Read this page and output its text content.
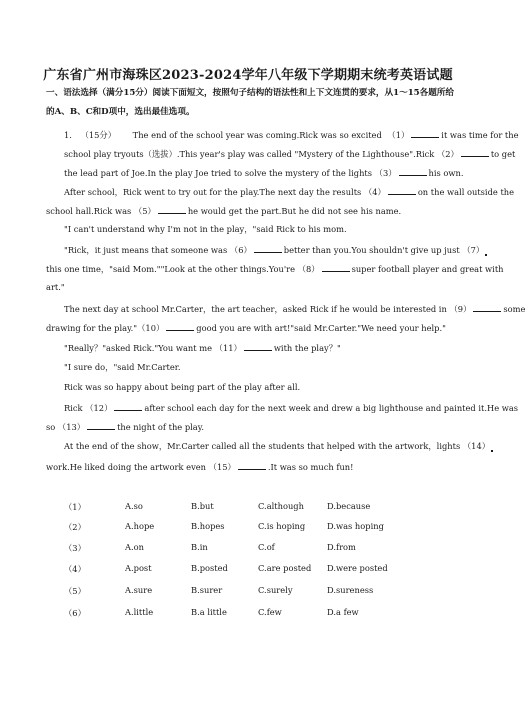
广东省广州市海珠区2023-2024学年八年级下学期期末统考英语试题
一、语法选择（满分15分）阅读下面短文，按照句子结构的语法性和上下文连贯的要求，从1～15各题所给的A、B、C和D项中，选出最佳选项。
1. （15分） The end of the school year was coming.Rick was so excited （1）	it was time for the
school play tryouts（选拔）.This year's play was called "Mystery of the Lighthouse".Rick （2）	to get
the lead part of Joe.In the play Joe tried to solve the mystery of the lights （3）	his own.
After school，Rick went to try out for the play.The next day the results （4）	on the wall outside the
school hall.Rick was （5）	he would get the part.But he did not see his name.
"I can't understand why I'm not in the play，"said Rick to his mom.
"Rick，it just means that someone was （6）	better than you.You shouldn't give up just （7）
this one time，"said Mom.""Look at the other things.You're （8）	super football player and great with
art."
The next day at school Mr.Carter，the art teacher，asked Rick if he would be interested in （9）	some
drawing for the play."（10）	good you are with art!"said Mr.Carter."We need your help."
"Really？"asked Rick."You want me （11）	with the play？"
"I sure do，"said Mr.Carter.
Rick was so happy about being part of the play after all.
Rick （12）	after school each day for the next week and drew a big lighthouse and painted it.He was
so （13）	the night of the play.
At the end of the show，Mr.Carter called all the students that helped with the artwork，lights （14）
work.He liked doing the artwork even （15）	.It was so much fun!
（1）	A.so	B.but	C.although	D.because
（2）	A.hope	B.hopes	C.is hoping	D.was hoping
（3）	A.on	B.in	C.of	D.from
（4）	A.post	B.posted	C.are posted D.were posted
（5）	A.sure	B.surer	C.surely	D.sureness
（6）	A.little	B.a little	C.few	D.a few
